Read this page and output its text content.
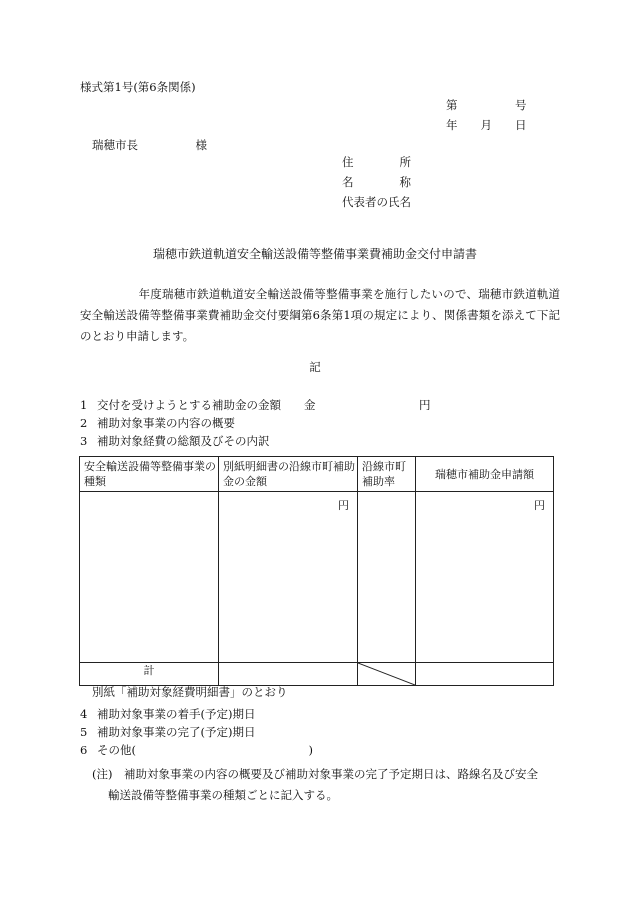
様式第1号(第6条関係)
第　　　　　号
年　　月　　日
瑞穂市長　　　　　様
住　　　　所
名　　　　称
代表者の氏名
瑞穂市鉄道軌道安全輸送設備等整備事業費補助金交付申請書
　　　　　年度瑞穂市鉄道軌道安全輸送設備等整備事業を施行したいので、瑞穂市鉄道軌道安全輸送設備等整備事業費補助金交付要綱第6条第1項の規定により、関係書類を添えて下記のとおり申請します。
記
1 交付を受けようとする補助金の金額　　金　　　　　　　　　円
2 補助対象事業の内容の概要
3 補助対象経費の総額及びその内訳
安全輸送設備等整備事業の種類	別紙明細書の沿線市町補助金の金額	沿線市町補助率	瑞穂市補助金申請額
	円		円
計		

別紙「補助対象経費明細書」のとおり
4 補助対象事業の着手(予定)期日
5 補助対象事業の完了(予定)期日
6 その他(　　　　　　　　　　　　　　　)
(注)　補助対象事業の内容の概要及び補助対象事業の完了予定期日は、路線名及び安全
輸送設備等整備事業の種類ごとに記入する。
